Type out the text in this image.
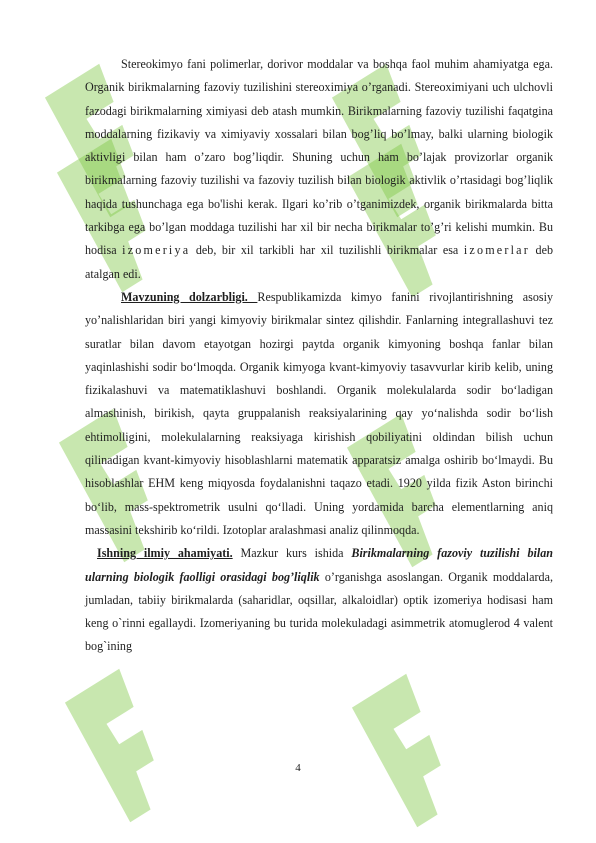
Stereokimyo fani polimerlar, dorivor moddalar va boshqa faol muhim ahamiyatga ega. Organik birikmalarning fazoviy tuzilishini stereoximiya o’rganadi. Stereoximiyani uch ulchovli fazodagi birikmalarning ximiyasi deb atash mumkin. Birikmalarning fazoviy tuzilishi faqatgina moddalarning fizikaviy va ximiyaviy xossalari bilan bog’liq bo’lmay, balki ularning biologik aktivligi bilan ham o’zaro bog’liqdir. Shuning uchun ham bo’lajak provizorlar organik birikmalarning fazoviy tuzilishi va fazoviy tuzilish bilan biologik aktivlik o’rtasidagi bog’liqlik haqida tushunchaga ega bo'lishi kerak. Ilgari ko’rib o’tganimizdek, organik birikmalarda bitta tarkibga ega bo’lgan moddaga tuzilishi har xil bir necha birikmalar to’g’ri kelishi mumkin. Bu hodisa izomeriya deb, bir xil tarkibli har xil tuzilishli birikmalar esa izomerlar deb atalgan edi.

Mavzuning dolzarbligi. Respublikamizda kimyo fanini rivojlantirishning asosiy yo’nalishlaridan biri yangi kimyoviy birikmalar sintez qilishdir. Fanlarning integrallashuvi tez suratlar bilan davom etayotgan hozirgi paytda organik kimyoning boshqa fanlar bilan yaqinlashishi sodir bo‘lmoqda. Organik kimyoga kvant-kimyoviy tasavvurlar kirib kelib, uning fizikalashuvi va matematiklashuvi boshlandi. Organik molekulalarda sodir bo‘ladigan almashinish, birikish, qayta gruppalanish reaksiyalarining qay yo‘nalishda sodir bo‘lish ehtimolligini, molekulalarning reaksiyaga kirishish qobiliyatini oldindan bilish uchun qilinadigan kvant-kimyoviy hisoblashlarni matematik apparatsiz amalga oshirib bo‘lmaydi. Bu hisoblashlar EHM keng miqyosda foydalanishni taqazo etadi. 1920 yilda fizik Aston birinchi bo‘lib, mass-spektrometrik usulni qo‘lladi. Uning yordamida barcha elementlarning aniq massasini tekshirib ko‘rildi. Izotoplar aralashmasi analiz qilinmoqda.

Ishning ilmiy ahamiyati. Mazkur kurs ishida Birikmalarning fazoviy tuzilishi bilan ularning biologik faolligi orasidagi bog’liqlik o’rganishga asoslangan. Organik moddalarda, jumladan, tabiiy birikmalarda (saharidlar, oqsillar, alkaloidlar) optik izomeriya hodisasi ham keng o`rinni egallaydi. Izomeriyaning bu turida molekuladagi asimmetrik atomuglerod 4 valent bog`ining

4
